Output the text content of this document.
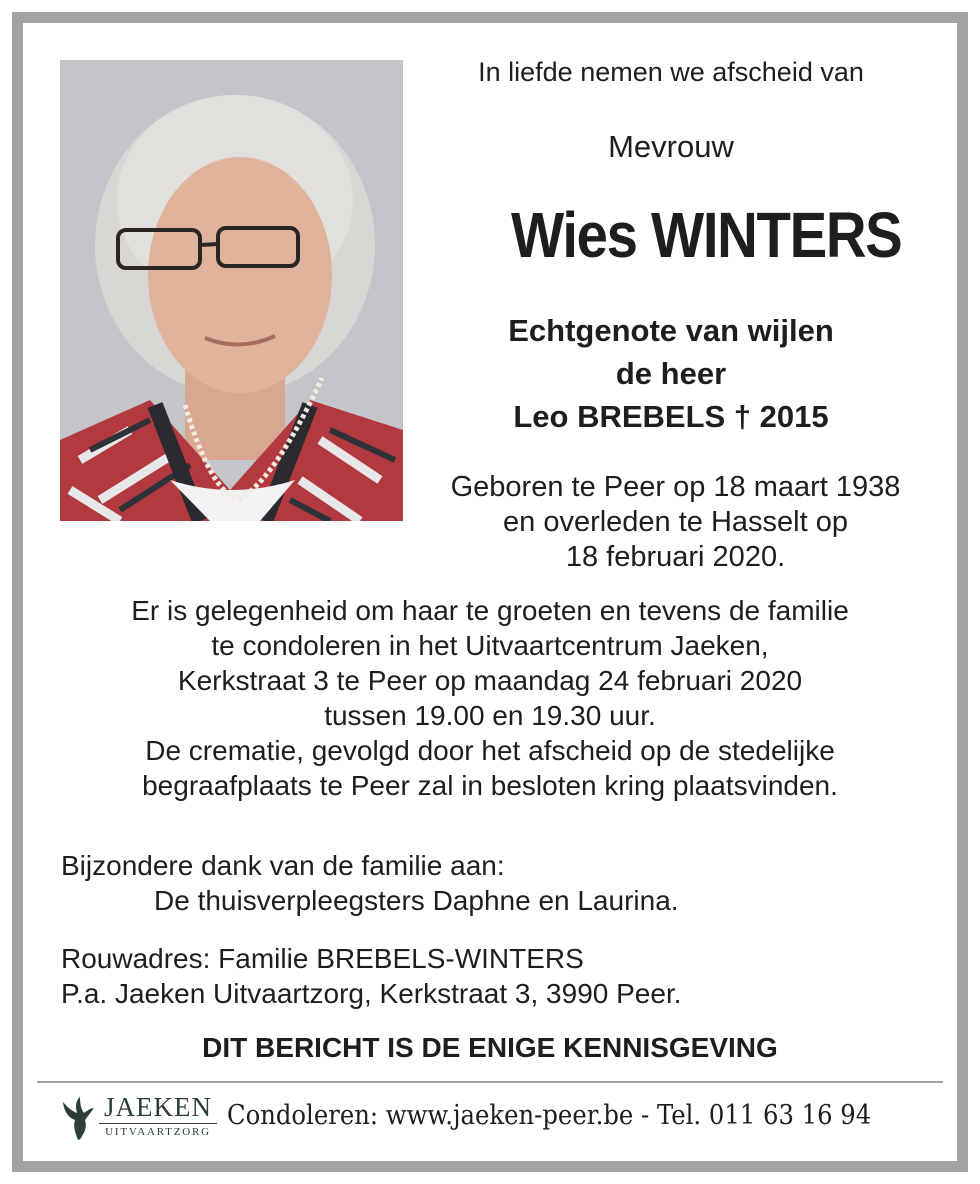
In liefde nemen we afscheid van
Mevrouw
Wies WINTERS
Echtgenote van wijlen
de heer
Leo BREBELS † 2015
Geboren te Peer op 18 maart 1938
en overleden te Hasselt op
18 februari 2020.
Er is gelegenheid om haar te groeten en tevens de familie
te condoleren in het Uitvaartcentrum Jaeken,
Kerkstraat 3 te Peer op maandag 24 februari 2020
tussen 19.00 en 19.30 uur.
De crematie, gevolgd door het afscheid op de stedelijke
begraafplaats te Peer zal in besloten kring plaatsvinden.
Bijzondere dank van de familie aan:
De thuisverpleegsters Daphne en Laurina.
Rouwadres: Familie BREBELS-WINTERS
P.a. Jaeken Uitvaartzorg, Kerkstraat 3, 3990 Peer.
DIT BERICHT IS DE ENIGE KENNISGEVING
JAEKEN
UITVAARTZORG
Condoleren: www.jaeken-peer.be - Tel. 011 63 16 94
